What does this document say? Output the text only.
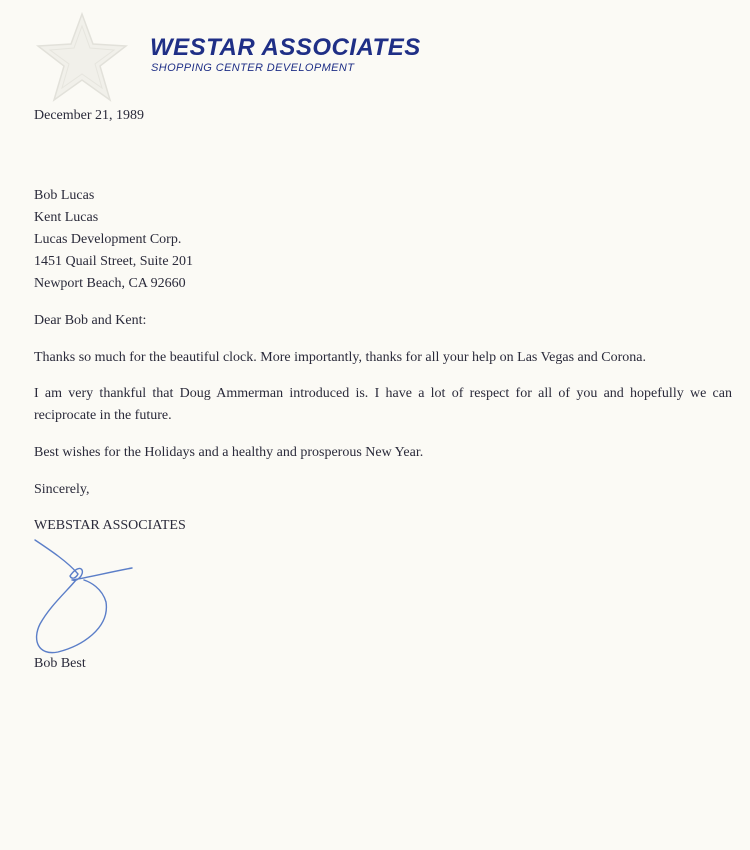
WESTAR ASSOCIATES
SHOPPING CENTER DEVELOPMENT
December 21, 1989
Bob Lucas
Kent Lucas
Lucas Development Corp.
1451 Quail Street, Suite 201
Newport Beach, CA 92660
Dear Bob and Kent:
Thanks so much for the beautiful clock. More importantly, thanks for all your help on Las Vegas and Corona.
I am very thankful that Doug Ammerman introduced is. I have a lot of respect for all of you and hopefully we can reciprocate in the future.
Best wishes for the Holidays and a healthy and prosperous New Year.
Sincerely,
WEBSTAR ASSOCIATES
Bob Best
